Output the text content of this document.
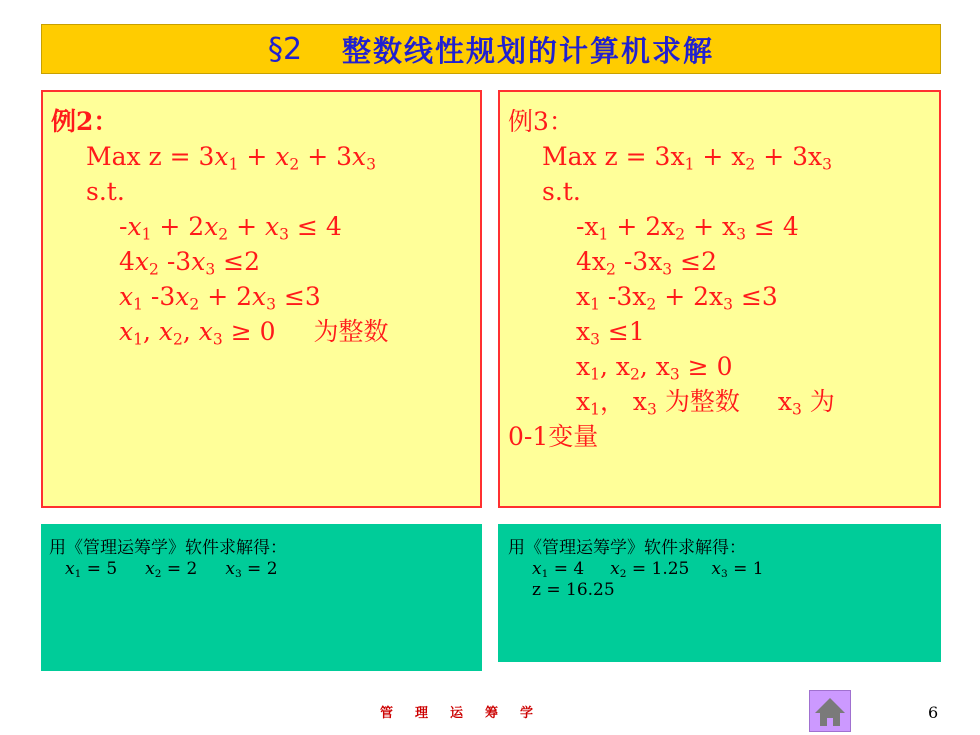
§2 整数线性规划的计算机求解
例2：
Max $z = 3x_1 + x_2 + 3x_3$
s.t.
$-x_1 + 2x_2 + x_3 \le 4$
$4x_2$ $-3x_3 \le 2$
$x_1$ $-3x_2 + 2x_3 \le 3$
$x_1$, $x_2$, $x_3 \ge 0$ 为整数
例3：
Max $z = 3x_1 + x_2 + 3x_3$
s.t.
$-x_1 + 2x_2 + x_3 \le 4$
$4x_2$ $-3x_3 \le 2$
$x_1$ $-3x_2 + 2x_3 \le 3$
$x_3 \le 1$
$x_1$, $x_2$, $x_3 \ge 0$
$x_1$， $x_3$ 为整数 $x_3$ 为
0-1变量
用《管理运筹学》软件求解得：
$x_1 = 5$ $x_2 = 2$ $x_3 = 2$
用《管理运筹学》软件求解得：
$x_1 = 4$ $x_2 = 1.25$ $x_3 = 1$
z = 16.25
管理运筹学	6
